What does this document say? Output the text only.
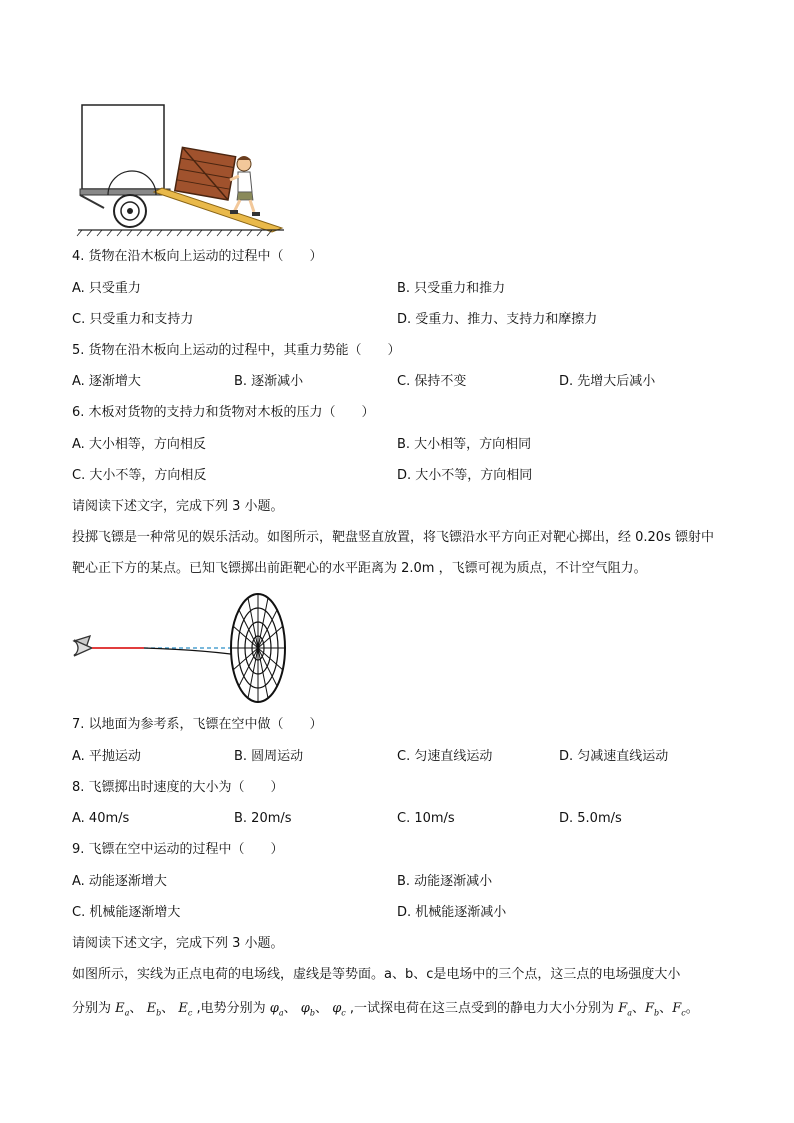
4. 货物在沿木板向上运动的过程中（　　）
A. 只受重力	B. 只受重力和推力
C. 只受重力和支持力	D. 受重力、推力、支持力和摩擦力
5. 货物在沿木板向上运动的过程中，其重力势能（　　）
A. 逐渐增大	B. 逐渐减小	C. 保持不变	D. 先增大后减小
6. 木板对货物的支持力和货物对木板的压力（　　）
A. 大小相等，方向相反	B. 大小相等，方向相同
C. 大小不等，方向相反	D. 大小不等，方向相同
请阅读下述文字，完成下列 3 小题。

投掷飞镖是一种常见的娱乐活动。如图所示，靶盘竖直放置，将飞镖沿水平方向正对靶心掷出，经 0.20s 镖射中靶心正下方的某点。已知飞镖掷出前距靶心的水平距离为 2.0m ，飞镖可视为质点，不计空气阻力。

7. 以地面为参考系，飞镖在空中做（　　）
A. 平抛运动	B. 圆周运动	C. 匀速直线运动	D. 匀减速直线运动
8. 飞镖掷出时速度的大小为（　　）
A. 40m/s	B. 20m/s	C. 10m/s	D. 5.0m/s
9. 飞镖在空中运动的过程中（　　）
A. 动能逐渐增大	B. 动能逐渐减小
C. 机械能逐渐增大	D. 机械能逐渐减小
请阅读下述文字，完成下列 3 小题。
如图所示，实线为正点电荷的电场线，虚线是等势面。a、b、c是电场中的三个点，这三点的电场强度大小
分别为 $E_a$、 $E_b$、 $E_c$ ,电势分别为 $\varphi_a$、 $\varphi_b$、 $\varphi_c$ ,一试探电荷在这三点受到的静电力大小分别为 $F_a$、$F_b$、$F_c$。
